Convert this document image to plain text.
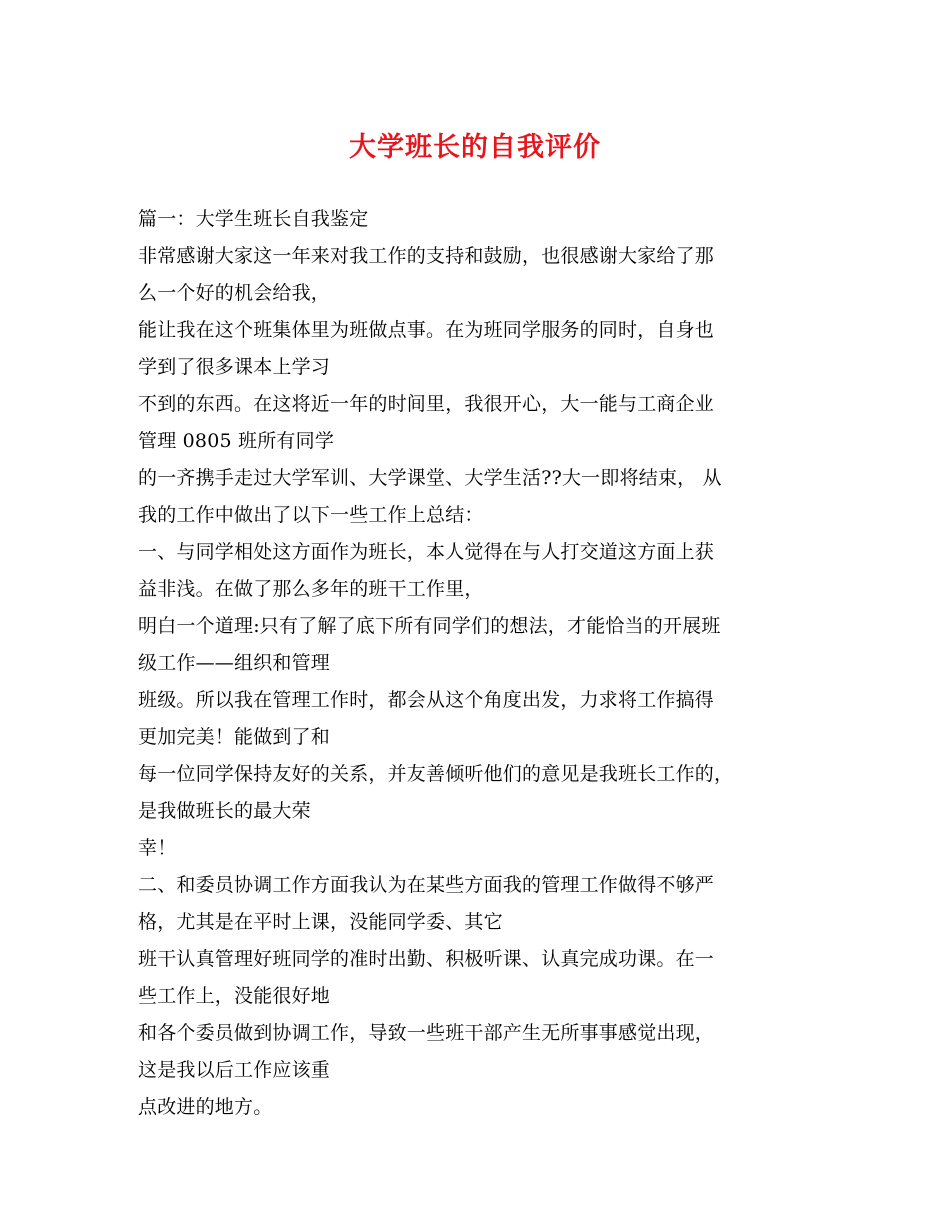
大学班长的自我评价
篇一：大学生班长自我鉴定
非常感谢大家这一年来对我工作的支持和鼓励，也很感谢大家给了那
么一个好的机会给我，
能让我在这个班集体里为班做点事。在为班同学服务的同时，自身也
学到了很多课本上学习
不到的东西。在这将近一年的时间里，我很开心，大一能与工商企业
管理 0805 班所有同学
的一齐携手走过大学军训、大学课堂、大学生活??大一即将结束， 从
我的工作中做出了以下一些工作上总结：
一、与同学相处这方面作为班长，本人觉得在与人打交道这方面上获
益非浅。在做了那么多年的班干工作里，
明白一个道理:只有了解了底下所有同学们的想法，才能恰当的开展班
级工作——组织和管理
班级。所以我在管理工作时，都会从这个角度出发，力求将工作搞得
更加完美！能做到了和
每一位同学保持友好的关系，并友善倾听他们的意见是我班长工作的，
是我做班长的最大荣
幸！
二、和委员协调工作方面我认为在某些方面我的管理工作做得不够严
格，尤其是在平时上课，没能同学委、其它
班干认真管理好班同学的准时出勤、积极听课、认真完成功课。在一
些工作上，没能很好地
和各个委员做到协调工作，导致一些班干部产生无所事事感觉出现，
这是我以后工作应该重
点改进的地方。
